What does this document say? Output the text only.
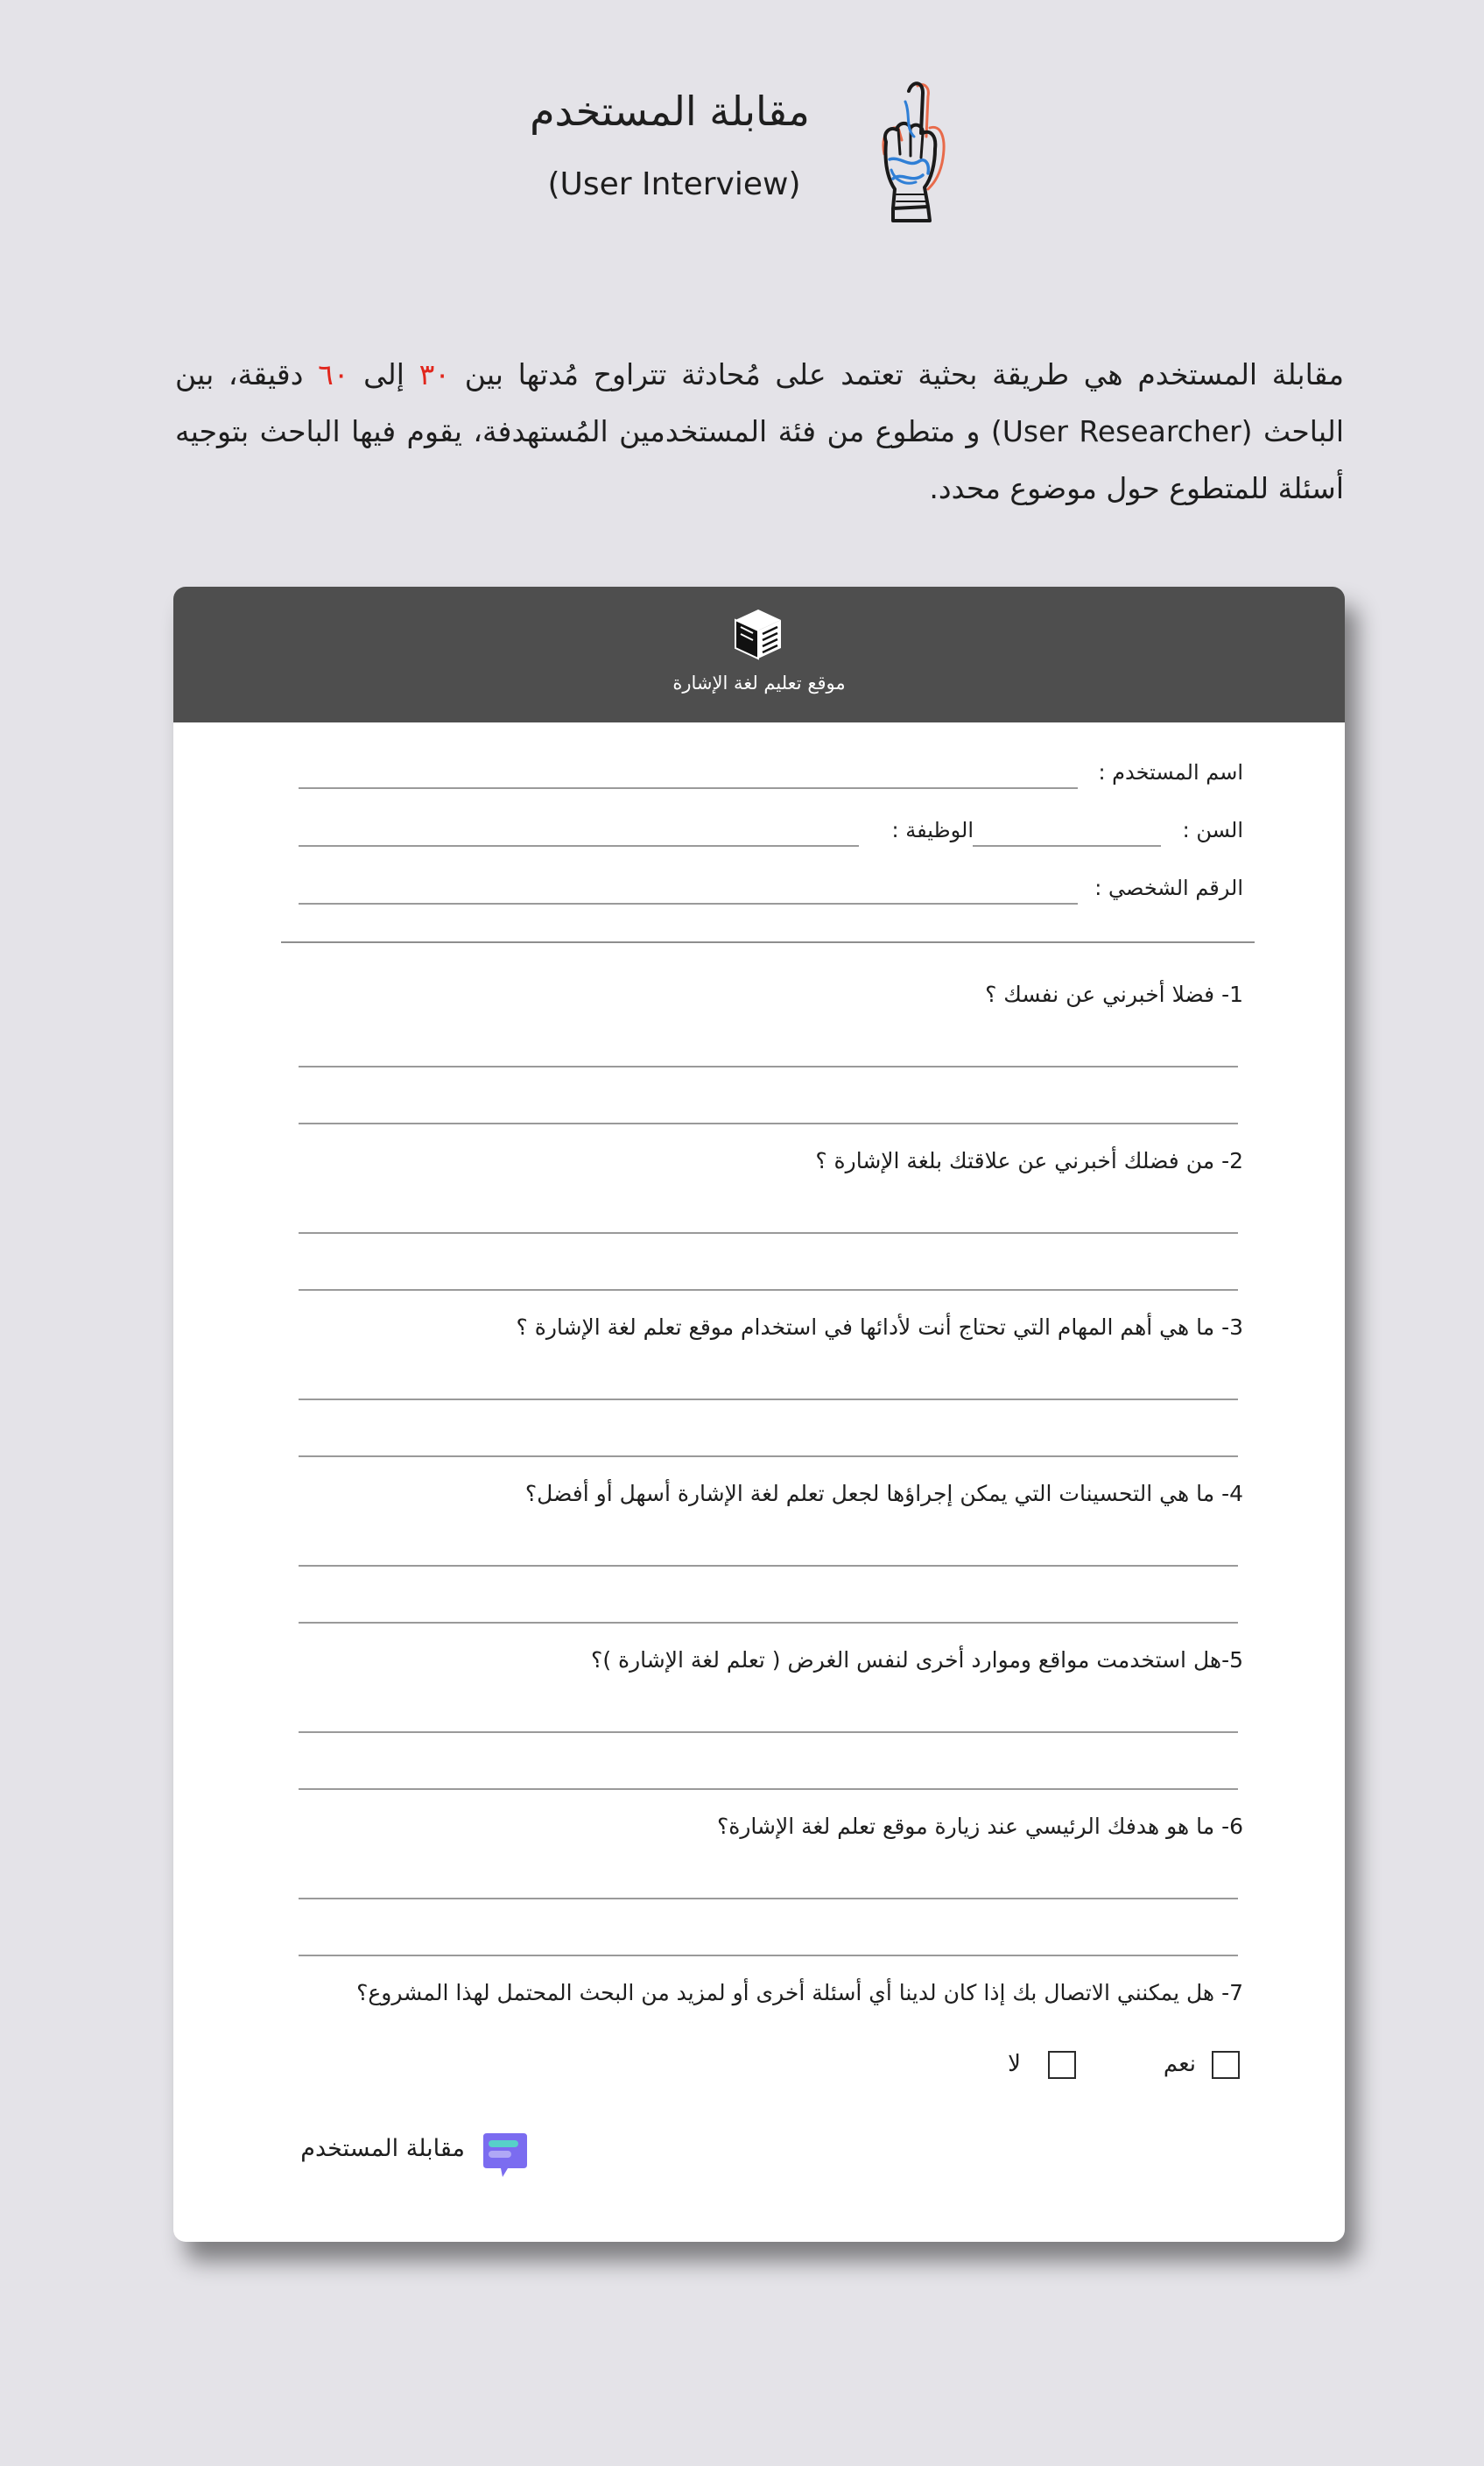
مقابلة المستخدم
(User Interview)
مقابلة المستخدم هي طريقة بحثية تعتمد على مُحادثة تتراوح مُدتها بين ٣٠ إلى ٦٠ دقيقة، بين الباحث (User Researcher) و متطوع من فئة المستخدمين المُستهدفة، يقوم فيها الباحث بتوجيه أسئلة للمتطوع حول موضوع محدد.
موقع تعليم لغة الإشارة
اسم المستخدم :
السن :
الوظيفة :
الرقم الشخصي :
1- فضلا أخبرني عن نفسك ؟
2- من فضلك أخبرني عن علاقتك بلغة الإشارة ؟
3- ما هي أهم المهام التي تحتاج أنت لأدائها في استخدام موقع تعلم لغة الإشارة ؟
4- ما هي التحسينات التي يمكن إجراؤها لجعل تعلم لغة الإشارة أسهل أو أفضل؟
5-هل استخدمت مواقع وموارد أخرى لنفس الغرض ( تعلم لغة الإشارة )؟
6- ما هو هدفك الرئيسي عند زيارة موقع تعلم لغة الإشارة؟
7- هل يمكنني الاتصال بك إذا كان لدينا أي أسئلة أخرى أو لمزيد من البحث المحتمل لهذا المشروع؟
نعم
لا
مقابلة المستخدم
